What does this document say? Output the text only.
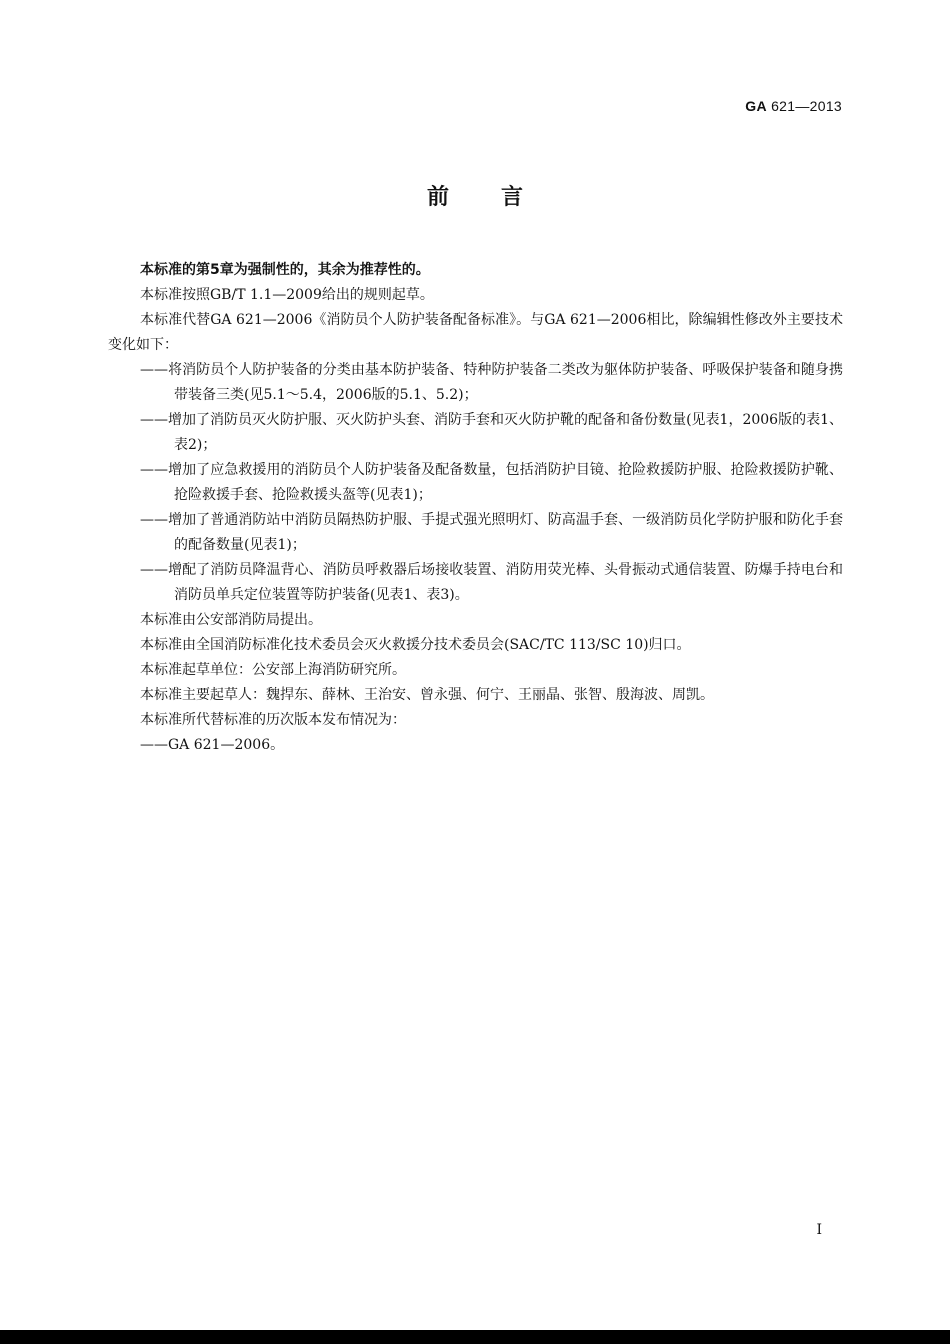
GA 621—2013
前言

本标准的第5章为强制性的，其余为推荐性的。

本标准按照GB/T 1.1—2009给出的规则起草。

本标准代替GA 621—2006《消防员个人防护装备配备标准》。与GA 621—2006相比，除编辑性修改外主要技术变化如下：

——将消防员个人防护装备的分类由基本防护装备、特种防护装备二类改为躯体防护装备、呼吸保护装备和随身携带装备三类(见5.1～5.4，2006版的5.1、5.2)；

——增加了消防员灭火防护服、灭火防护头套、消防手套和灭火防护靴的配备和备份数量(见表1，2006版的表1、表2)；

——增加了应急救援用的消防员个人防护装备及配备数量，包括消防护目镜、抢险救援防护服、抢险救援防护靴、抢险救援手套、抢险救援头盔等(见表1)；

——增加了普通消防站中消防员隔热防护服、手提式强光照明灯、防高温手套、一级消防员化学防护服和防化手套的配备数量(见表1)；

——增配了消防员降温背心、消防员呼救器后场接收装置、消防用荧光棒、头骨振动式通信装置、防爆手持电台和消防员单兵定位装置等防护装备(见表1、表3)。

本标准由公安部消防局提出。

本标准由全国消防标准化技术委员会灭火救援分技术委员会(SAC/TC 113/SC 10)归口。

本标准起草单位：公安部上海消防研究所。

本标准主要起草人：魏捍东、薛林、王治安、曾永强、何宁、王丽晶、张智、殷海波、周凯。

本标准所代替标准的历次版本发布情况为：

——GA 621—2006。

I
